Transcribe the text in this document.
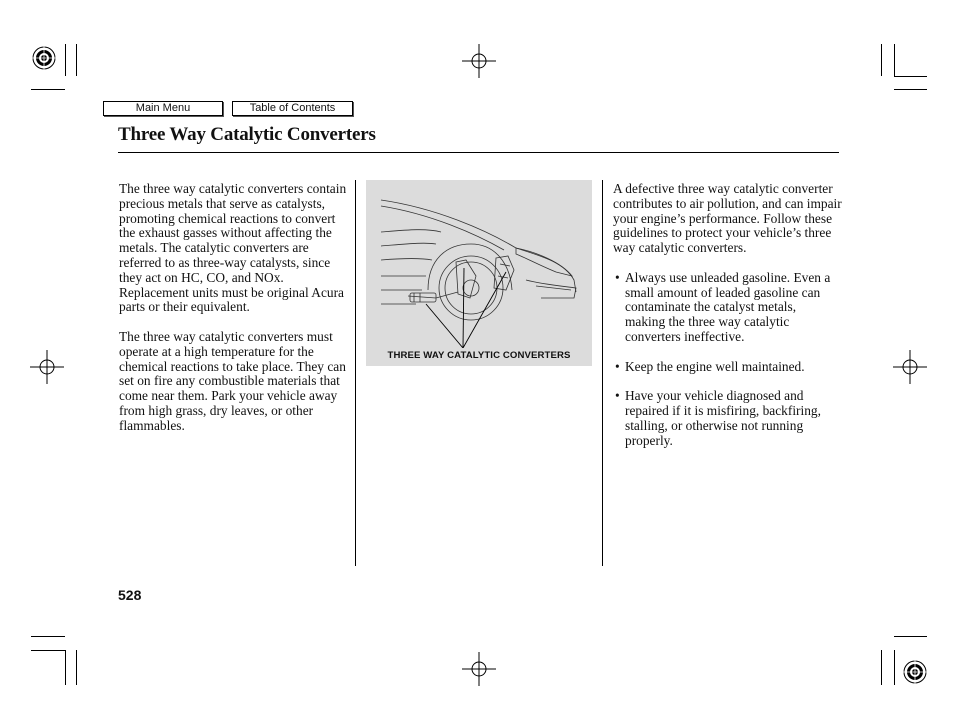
Main Menu	Table of Contents
Three Way Catalytic Converters

The three way catalytic converters contain precious metals that serve as catalysts, promoting chemical reactions to convert the exhaust gasses without affecting the metals. The catalytic converters are referred to as three-way catalysts, since they act on HC, CO, and NOx. Replacement units must be original Acura parts or their equivalent.

The three way catalytic converters must operate at a high temperature for the chemical reactions to take place. They can set on fire any combustible materials that come near them. Park your vehicle away from high grass, dry leaves, or other flammables.

THREE WAY CATALYTIC CONVERTERS

A defective three way catalytic converter contributes to air pollution, and can impair your engine’s performance. Follow these guidelines to protect your vehicle’s three way catalytic converters.

• Always use unleaded gasoline. Even a small amount of leaded gasoline can contaminate the catalyst metals, making the three way catalytic converters ineffective.

• Keep the engine well maintained.

• Have your vehicle diagnosed and repaired if it is misfiring, backfiring, stalling, or otherwise not running properly.

528
